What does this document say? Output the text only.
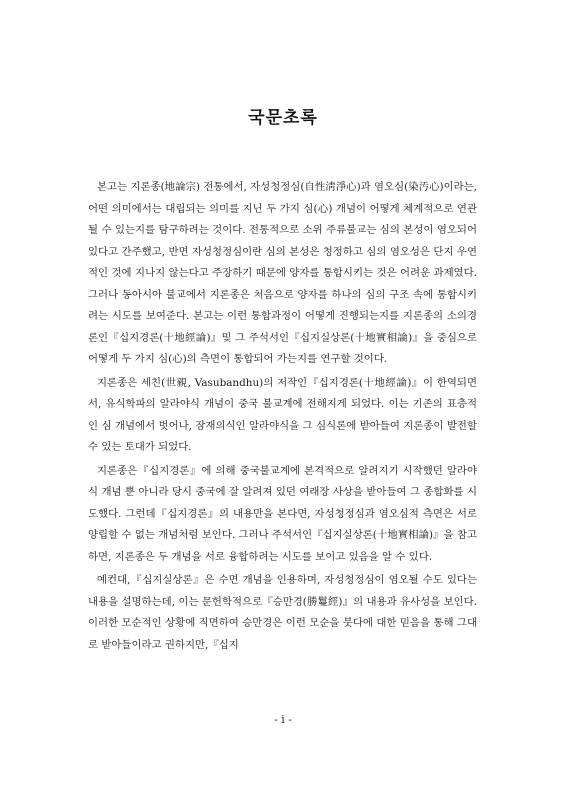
국문초록

본고는 지론종(地論宗) 전통에서, 자성청정심(自性淸淨心)과 염오심(染汚心)이라는, 어떤 의미에서는 대립되는 의미를 지닌 두 가지 심(心) 개념이 어떻게 체계적으로 연관될 수 있는지를 탐구하려는 것이다. 전통적으로 소위 주류불교는 심의 본성이 염오되어 있다고 간주했고, 반면 자성청정심이란 심의 본성은 청정하고 심의 염오성은 단지 우연적인 것에 지나지 않는다고 주장하기 때문에 양자를 통합시키는 것은 어려운 과제였다. 그러나 동아시아 불교에서 지론종은 처음으로 양자를 하나의 심의 구조 속에 통합시키려는 시도를 보여준다. 본고는 이런 통합과정이 어떻게 진행되는지를 지론종의 소의경론인『십지경론(十地經論)』및 그 주석서인『십지실상론(十地實相論)』을 중심으로 어떻게 두 가지 심(心)의 측면이 통합되어 가는지를 연구할 것이다.

지론종은 세친(世親, Vasubandhu)의 저작인『십지경론(十地經論)』이 한역되면서, 유식학파의 알라야식 개념이 중국 불교계에 전해지게 되었다. 이는 기존의 표층적인 심 개념에서 벗어나, 잠재의식인 알라야식을 그 심식론에 받아들여 지론종이 발전할 수 있는 토대가 되었다.

지론종은『십지경론』에 의해 중국불교계에 본격적으로 알려지기 시작했던 알라야식 개념 뿐 아니라 당시 중국에 잘 알려져 있던 여래장 사상을 받아들여 그 종합화를 시도했다. 그런데『십지경론』의 내용만을 본다면, 자성청정심과 염오심적 측면은 서로 양립할 수 없는 개념처럼 보인다. 그러나 주석서인『십지실상론(十地實相論)』을 참고하면, 지론종은 두 개념을 서로 융합하려는 시도를 보이고 있음을 알 수 있다.

예컨대,『십지실상론』은 수면 개념을 인용하며, 자성청정심이 염오될 수도 있다는 내용을 설명하는데, 이는 문헌학적으로『승만경(勝鬘經)』의 내용과 유사성을 보인다. 이러한 모순적인 상황에 직면하여 승만경은 이런 모순을 붓다에 대한 믿음을 통해 그대로 받아들이라고 권하지만,『십지

- i -
